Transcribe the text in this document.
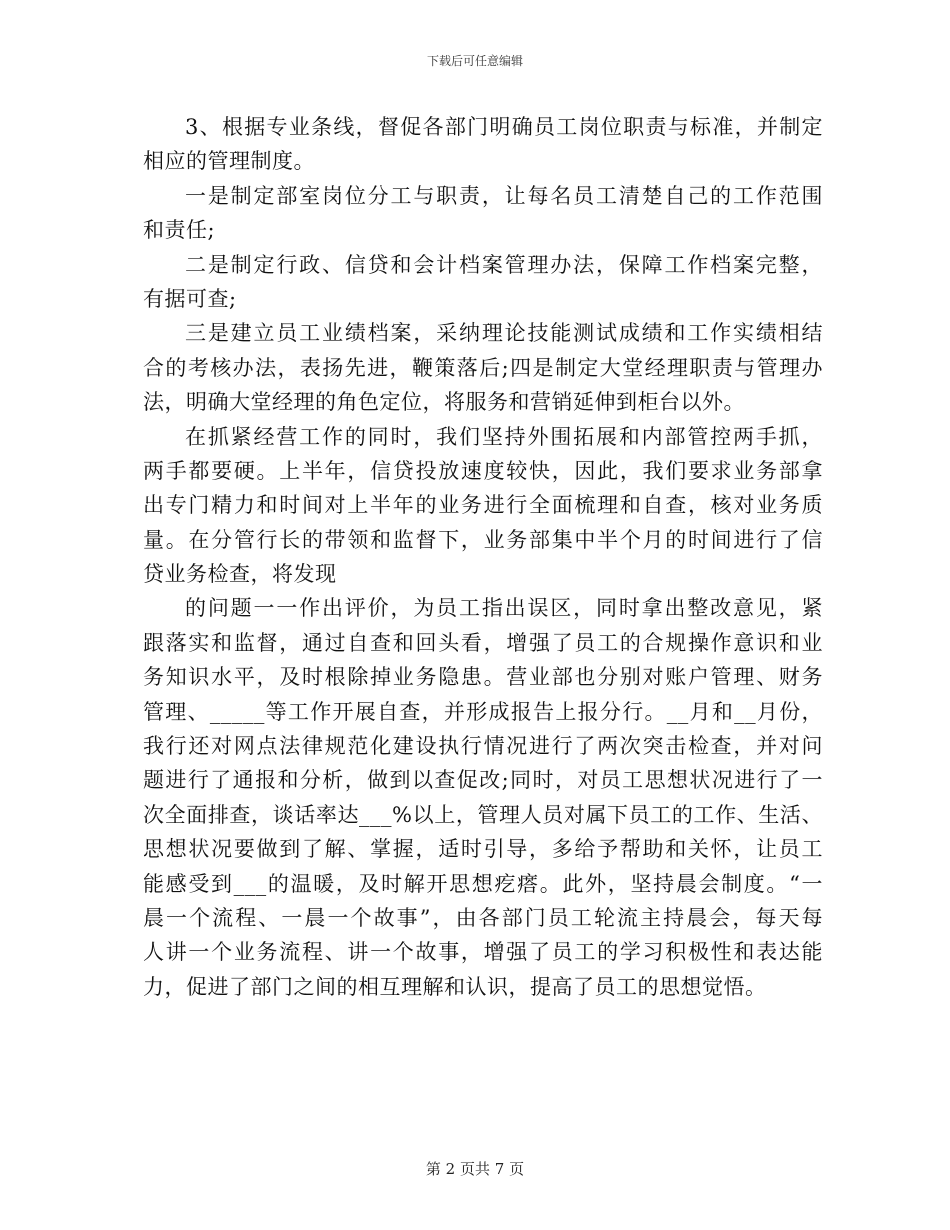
下载后可任意编辑
3、根据专业条线，督促各部门明确员工岗位职责与标准，并制定
相应的管理制度。
一是制定部室岗位分工与职责，让每名员工清楚自己的工作范围
和责任;
二是制定行政、信贷和会计档案管理办法，保障工作档案完整，
有据可查;
三是建立员工业绩档案，采纳理论技能测试成绩和工作实绩相结
合的考核办法，表扬先进，鞭策落后;四是制定大堂经理职责与管理办
法，明确大堂经理的角色定位，将服务和营销延伸到柜台以外。
在抓紧经营工作的同时，我们坚持外围拓展和内部管控两手抓，
两手都要硬。上半年，信贷投放速度较快，因此，我们要求业务部拿
出专门精力和时间对上半年的业务进行全面梳理和自查，核对业务质
量。在分管行长的带领和监督下，业务部集中半个月的时间进行了信
贷业务检查，将发现
的问题一一作出评价，为员工指出误区，同时拿出整改意见，紧
跟落实和监督，通过自查和回头看，增强了员工的合规操作意识和业
务知识水平，及时根除掉业务隐患。营业部也分别对账户管理、财务
管理、_____等工作开展自查，并形成报告上报分行。__月和__月份，
我行还对网点法律规范化建设执行情况进行了两次突击检查，并对问
题进行了通报和分析，做到以查促改;同时，对员工思想状况进行了一
次全面排查，谈话率达___%以上，管理人员对属下员工的工作、生活、
思想状况要做到了解、掌握，适时引导，多给予帮助和关怀，让员工
能感受到___的温暖，及时解开思想疙瘩。此外，坚持晨会制度。“一
晨一个流程、一晨一个故事”，由各部门员工轮流主持晨会，每天每
人讲一个业务流程、讲一个故事，增强了员工的学习积极性和表达能
力，促进了部门之间的相互理解和认识，提高了员工的思想觉悟。
第 2 页共 7 页
